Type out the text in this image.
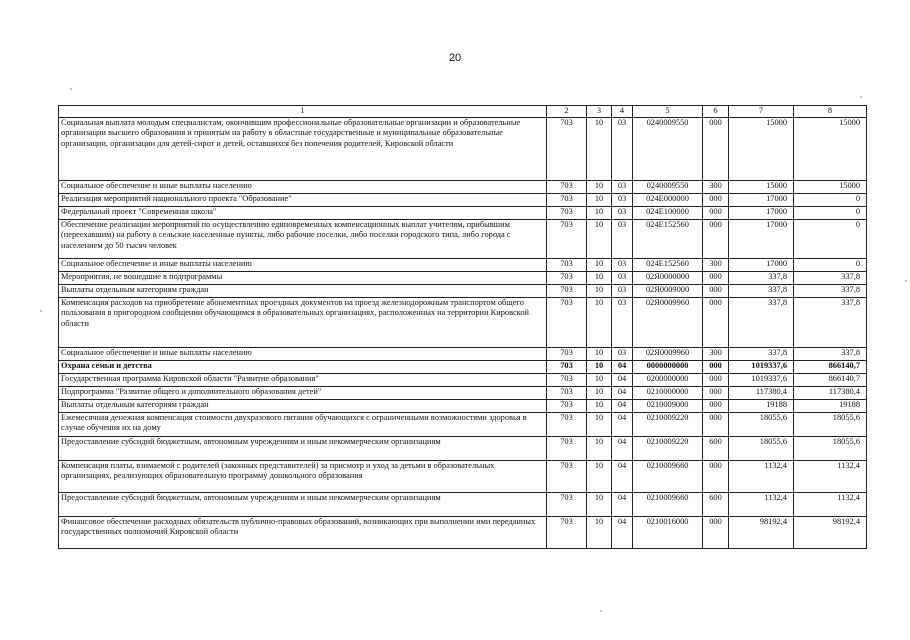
20
1	2	3	4	5	6	7	8
Социальная выплата молодым специалистам, окончившим профессиональные образовательные организации и образовательные организации высшего образования и принятым на работу в областные государственные и муниципальные образовательные организации, организации для детей-сирот и детей, оставшихся без попечения родителей, Кировской области	703	10	03	0240009550	000	15000	15000
Социальное обеспечение и иные выплаты населению	703	10	03	0240009550	300	15000	15000
Реализация мероприятий национального проекта "Образование"	703	10	03	024E000000	000	17000	0
Федеральный проект "Современная школа"	703	10	03	024E100000	000	17000	0
Обеспечение реализации мероприятий по осуществлению единовременных компенсационных выплат учителям, прибывшим (переехавшим) на работу в сельские населенные пункты, либо рабочие поселки, либо поселки городского типа, либо города с населением до 50 тысяч человек	703	10	03	024E152560	000	17000	0
Социальное обеспечение и иные выплаты населению	703	10	03	024E152560	300	17000	0
Мероприятия, не вошедшие в подпрограммы	703	10	03	02Я0000000	000	337,8	337,8
Выплаты отдельным категориям граждан	703	10	03	02Я0009000	000	337,8	337,8
Компенсация расходов на приобретение абонементных проездных документов на проезд железнодорожным транспортом общего пользования в пригородном сообщении обучающимся в образовательных организациях, расположенных на территории Кировской области	703	10	03	02Я0009960	000	337,8	337,8
Социальное обеспечение и иные выплаты населению	703	10	03	02Я0009960	300	337,8	337,8
Охрана семьи и детства	703	10	04	0000000000	000	1019337,6	866140,7
Государственная программа Кировской области "Развитие образования"	703	10	04	0200000000	000	1019337,6	866140,7
Подпрограмма "Развитие общего и дополнительного образования детей"	703	10	04	0210000000	000	117380,4	117380,4
Выплаты отдельным категориям граждан	703	10	04	0210009000	000	19188	19188
Ежемесячная денежная компенсация стоимости двухразового питания обучающихся с ограниченными возможностями здоровья в случае обучения их на дому	703	10	04	0210009220	000	18055,6	18055,6
Предоставление субсидий бюджетным, автономным учреждениям и иным некоммерческим организациям	703	10	04	0210009220	600	18055,6	18055,6
Компенсация платы, взимаемой с родителей (законных представителей) за присмотр и уход за детьми в образовательных организациях, реализующих образовательную программу дошкольного образования	703	10	04	0210009660	000	1132,4	1132,4
Предоставление субсидий бюджетным, автономным учреждениям и иным некоммерческим организациям	703	10	04	0210009660	600	1132,4	1132,4
Финансовое обеспечение расходных обязательств публично-правовых образований, возникающих при выполнении ими переданных государственных полномочий Кировской области	703	10	04	0210016000	000	98192,4	98192,4
